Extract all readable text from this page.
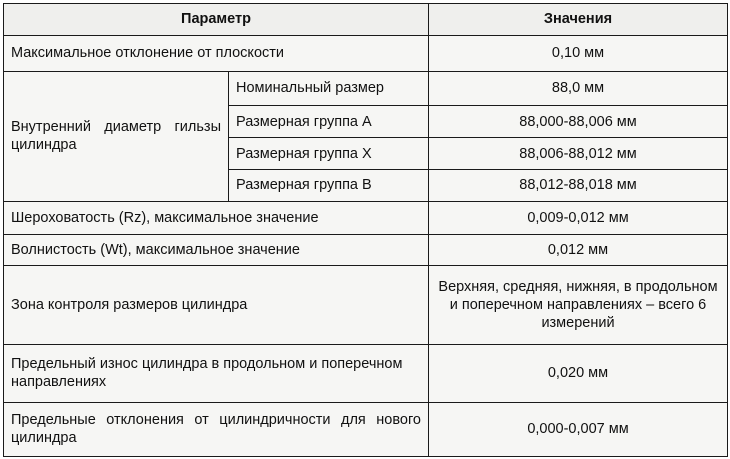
Параметр		Значения
Максимальное отклонение от плоскости		0,10 мм
Внутренний диаметр гильзы цилиндра	Номинальный размер	88,0 мм
	Размерная группа А	88,000-88,006 мм
	Размерная группа X	88,006-88,012 мм
	Размерная группа В	88,012-88,018 мм
Шероховатость (Rz), максимальное значение		0,009-0,012 мм
Волнистость (Wt), максимальное значение		0,012 мм
Зона контроля размеров цилиндра		Верхняя, средняя, нижняя, в продольном и поперечном направлениях – всего 6 измерений
Предельный износ цилиндра в продольном и поперечном направлениях		0,020 мм
Предельные отклонения от цилиндричности для нового цилиндра		0,000-0,007 мм
